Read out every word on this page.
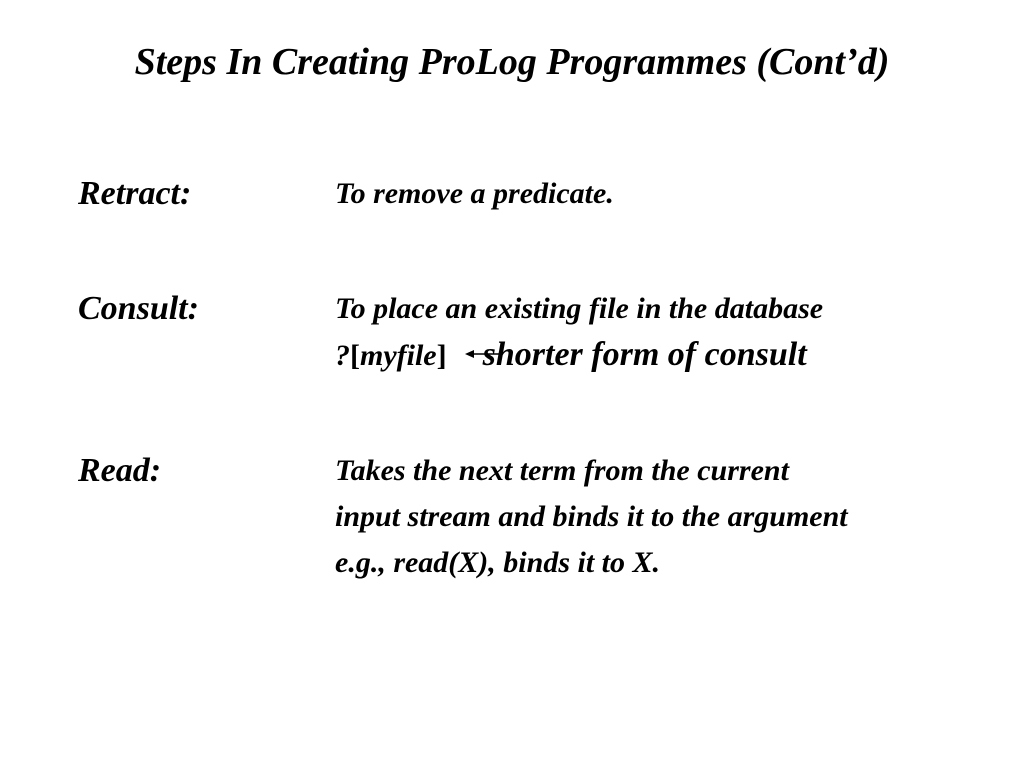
Steps In Creating ProLog Programmes (Cont’d)
Retract:	To remove a predicate.
Consult:	To place an existing file in the database
?[myfile] shorter form of consult
Read:	Takes the next term from the current
input stream and binds it to the argument
e.g., read(X), binds it to X.
